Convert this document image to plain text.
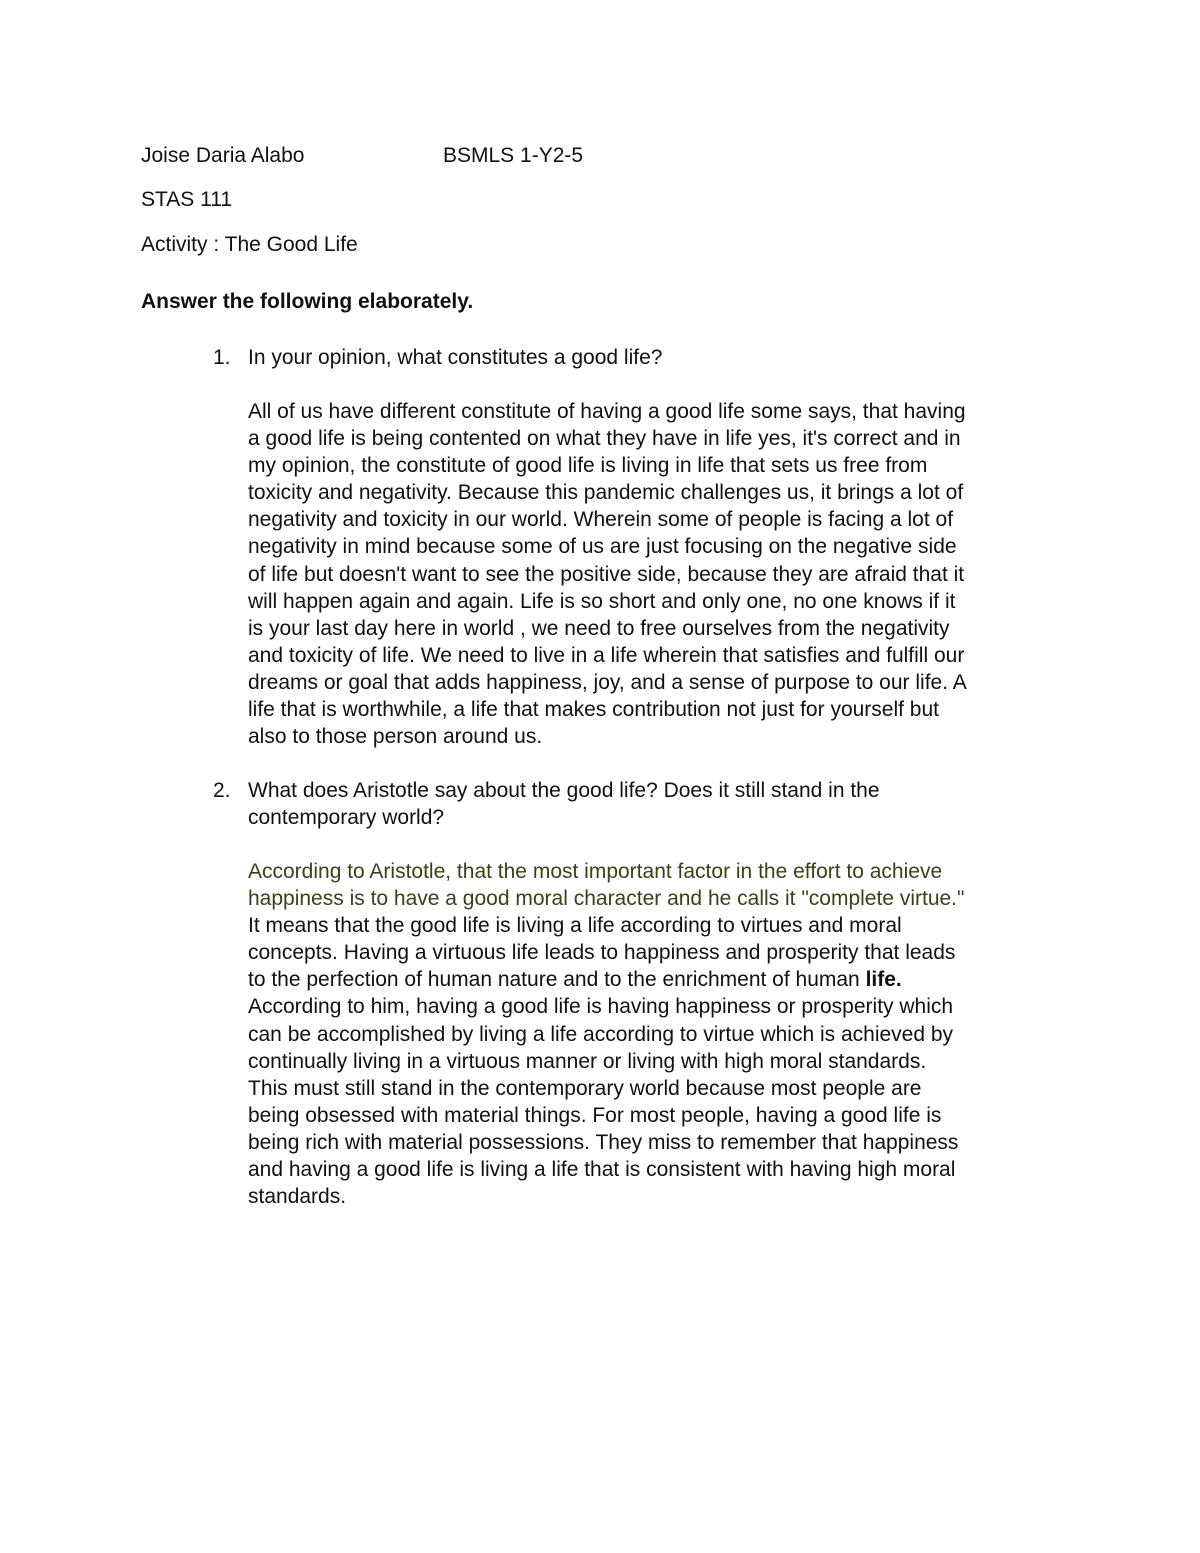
Joise Daria Alabo	BSMLS 1-Y2-5
STAS 111
Activity : The Good Life
Answer the following elaborately.
1. In your opinion, what constitutes a good life?
All of us have different constitute of having a good life some says, that having
a good life is being contented on what they have in life yes, it's correct and in
my opinion, the constitute of good life is living in life that sets us free from
toxicity and negativity. Because this pandemic challenges us, it brings a lot of
negativity and toxicity in our world. Wherein some of people is facing a lot of
negativity in mind because some of us are just focusing on the negative side
of life but doesn't want to see the positive side, because they are afraid that it
will happen again and again. Life is so short and only one, no one knows if it
is your last day here in world , we need to free ourselves from the negativity
and toxicity of life. We need to live in a life wherein that satisfies and fulfill our
dreams or goal that adds happiness, joy, and a sense of purpose to our life. A
life that is worthwhile, a life that makes contribution not just for yourself but
also to those person around us.
2. What does Aristotle say about the good life? Does it still stand in the
contemporary world?
According to Aristotle, that the most important factor in the effort to achieve
happiness is to have a good moral character and he calls it "complete virtue."
It means that the good life is living a life according to virtues and moral
concepts. Having a virtuous life leads to happiness and prosperity that leads
to the perfection of human nature and to the enrichment of human life.
According to him, having a good life is having happiness or prosperity which
can be accomplished by living a life according to virtue which is achieved by
continually living in a virtuous manner or living with high moral standards.
This must still stand in the contemporary world because most people are
being obsessed with material things. For most people, having a good life is
being rich with material possessions. They miss to remember that happiness
and having a good life is living a life that is consistent with having high moral
standards.
